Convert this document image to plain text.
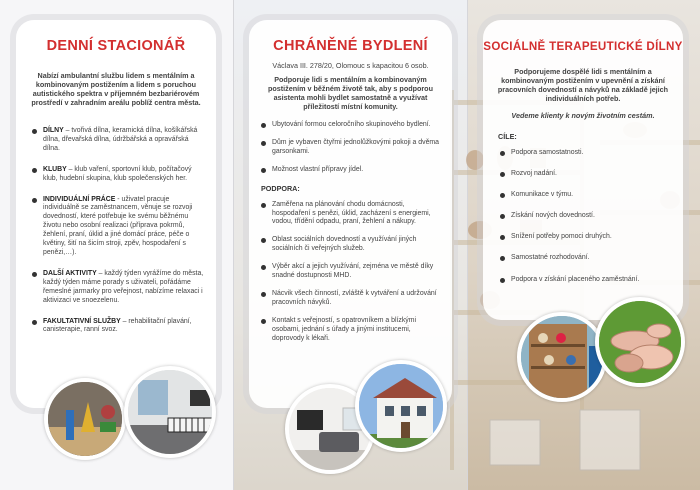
DENNÍ STACIONÁŘ
Nabízí ambulantní službu lidem s mentálním a kombinovaným postižením a lidem s poruchou autistického spektra v příjemném bezbariérovém prostředí v zahradním areálu poblíž centra města.
DÍLNY – tvořivá dílna, keramická dílna, košíkářská dílna, dřevařská dílna, údržbářská a opravářská dílna.
KLUBY – klub vaření, sportovní klub, počítačový klub, hudební skupina, klub společenských her.
INDIVIDUÁLNÍ PRÁCE - uživatel pracuje individuálně se zaměstnancem, věnuje se rozvoji dovedností, které potřebuje ke svému běžnému životu nebo osobní realizaci (příprava pokrmů, žehlení, praní, úklid a jiné domácí práce, péče o květiny, šití na šicím stroji, zpěv, hospodaření s penězi,…).
DALŠÍ AKTIVITY – každý týden vyrážíme do města, každý týden máme porady s uživateli, pořádáme řemeslné jarmarky pro veřejnost, nabízíme relaxaci i aktivizaci ve snoezelenu.
FAKULTATIVNÍ SLUŽBY – rehabilitační plavání, canisterapie, ranní svoz.
CHRÁNĚNÉ BYDLENÍ
Václava III. 278/20, Olomouc s kapacitou 6 osob.
Podporuje lidi s mentálním a kombinovaným postižením v běžném životě tak, aby s podporou asistenta mohli bydlet samostatně a využívat příležitostí místní komunity.
Ubytování formou celoročního skupinového bydlení.
Dům je vybaven čtyřmi jednolůžkovými pokoji a dvěma garsonkami.
Možnost vlastní přípravy jídel.
PODPORA:
Zaměřena na plánování chodu domácnosti, hospodaření s penězi, úklid, zacházení s energiemi, vodou, třídění odpadu, praní, žehlení a nákupy.
Oblast sociálních dovedností a využívání jiných sociálních či veřejných služeb.
Výběr akcí a jejich využívání, zejména ve městě díky snadné dostupnosti MHD.
Nácvik všech činností, zvláště k vytváření a udržování pracovních návyků.
Kontakt s veřejností, s opatrovníkem a blízkými osobami, jednání s úřady a jinými institucemi, doprovody k lékaři.
SOCIÁLNĚ TERAPEUTICKÉ DÍLNY
Podporujeme dospělé lidi s mentálním a kombinovaným postižením v upevnění a získání pracovních dovedností a návyků na základě jejich individuálních potřeb.
Vedeme klienty k novým životním cestám.
CÍLE:
Podpora samostatnosti.
Rozvoj nadání.
Komunikace v týmu.
Získání nových dovedností.
Snížení potřeby pomoci druhých.
Samostatné rozhodování.
Podpora v získání placeného zaměstnání.
